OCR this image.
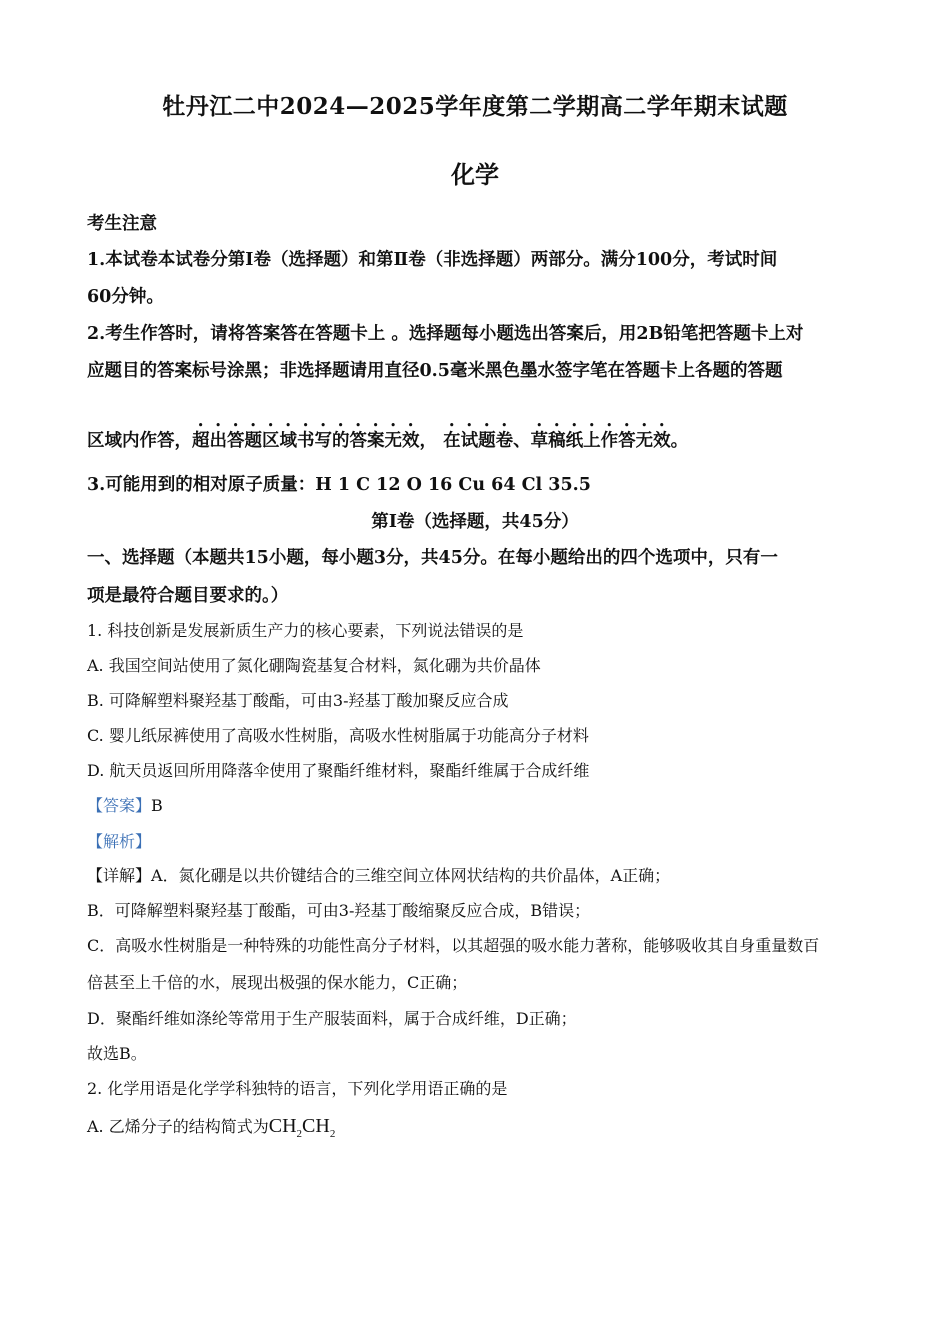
牡丹江二中2024—2025学年度第二学期高二学年期末试题
化学
考生注意
1.本试卷本试卷分第Ⅰ卷（选择题）和第Ⅱ卷（非选择题）两部分。满分100分，考试时间
60分钟。
2.考生作答时，请将答案答在答题卡上 。选择题每小题选出答案后，用2B铅笔把答题卡上对
应题目的答案标号涂黑；非选择题请用直径0.5毫米黑色墨水签字笔在答题卡上各题的答题
区域内作答，超出答题区域书写的答案无效， 在试题卷、草稿纸上作答无效。
3.可能用到的相对原子质量：H 1 C 12 O 16 Cu 64 Cl 35.5
第Ⅰ卷（选择题，共45分）
一、选择题（本题共15小题，每小题3分，共45分。在每小题给出的四个选项中，只有一
项是最符合题目要求的。）
1. 科技创新是发展新质生产力的核心要素，下列说法错误的是
A. 我国空间站使用了氮化硼陶瓷基复合材料，氮化硼为共价晶体
B. 可降解塑料聚羟基丁酸酯，可由3-羟基丁酸加聚反应合成
C. 婴儿纸尿裤使用了高吸水性树脂，高吸水性树脂属于功能高分子材料
D. 航天员返回所用降落伞使用了聚酯纤维材料，聚酯纤维属于合成纤维
【答案】B
【解析】
【详解】A．氮化硼是以共价键结合的三维空间立体网状结构的共价晶体，A正确；
B．可降解塑料聚羟基丁酸酯，可由3-羟基丁酸缩聚反应合成，B错误；
C．高吸水性树脂是一种特殊的功能性高分子材料，以其超强的吸水能力著称，能够吸收其自身重量数百
倍甚至上千倍的水，展现出极强的保水能力，C正确；
D．聚酯纤维如涤纶等常用于生产服装面料，属于合成纤维，D正确；
故选B。
2. 化学用语是化学学科独特的语言，下列化学用语正确的是
A. 乙烯分子的结构简式为$CH_2CH_2$
